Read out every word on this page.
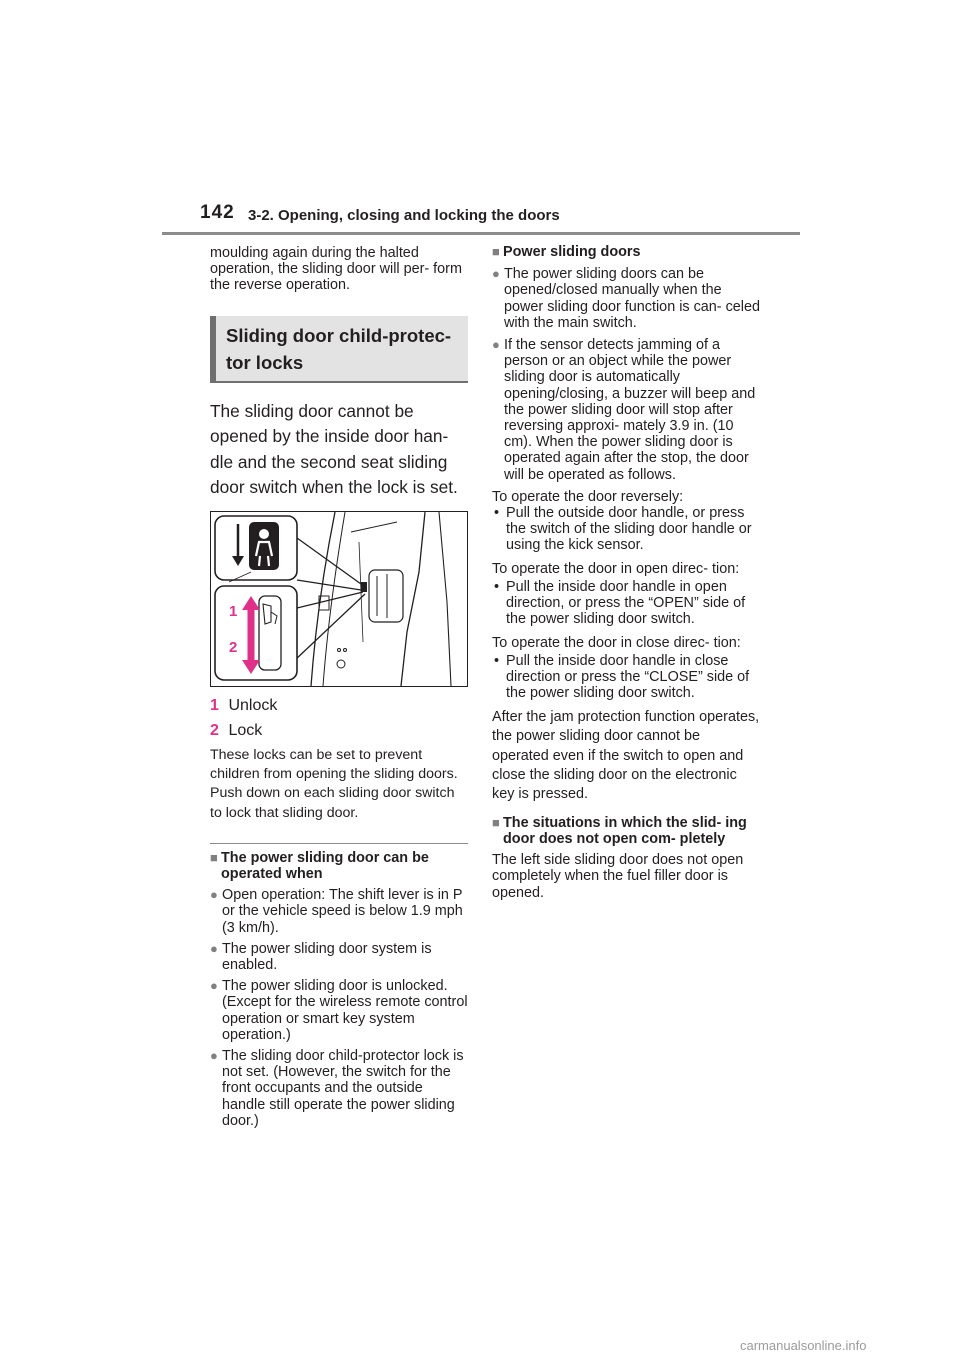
142 3-2. Opening, closing and locking the doors

moulding again during the halted operation, the sliding door will per- form the reverse operation.

Sliding door child-protec- tor locks

The sliding door cannot be opened by the inside door han- dle and the second seat sliding door switch when the lock is set.

1
2
1 Unlock
2 Lock

These locks can be set to prevent children from opening the sliding doors. Push down on each sliding door switch to lock that sliding door.

■ The power sliding door can be operated when

● Open operation: The shift lever is in P or the vehicle speed is below 1.9 mph (3 km/h).

● The power sliding door system is enabled.

● The power sliding door is unlocked. (Except for the wireless remote control operation or smart key system operation.)

● The sliding door child-protector lock is not set. (However, the switch for the front occupants and the outside handle still operate the power sliding door.)

■ Power sliding doors

● The power sliding doors can be opened/closed manually when the power sliding door function is can- celed with the main switch.

● If the sensor detects jamming of a person or an object while the power sliding door is automatically opening/closing, a buzzer will beep and the power sliding door will stop after reversing approxi- mately 3.9 in. (10 cm). When the power sliding door is operated again after the stop, the door will be operated as follows.

To operate the door reversely:

• Pull the outside door handle, or press the switch of the sliding door handle or using the kick sensor.

To operate the door in open direc- tion:

• Pull the inside door handle in open direction, or press the “OPEN” side of the power sliding door switch.

To operate the door in close direc- tion:

• Pull the inside door handle in close direction or press the “CLOSE” side of the power sliding door switch.

After the jam protection function operates, the power sliding door cannot be operated even if the switch to open and close the sliding door on the electronic key is pressed.

■ The situations in which the slid- ing door does not open com- pletely

The left side sliding door does not open completely when the fuel filler door is opened.

carmanualsonline.info
